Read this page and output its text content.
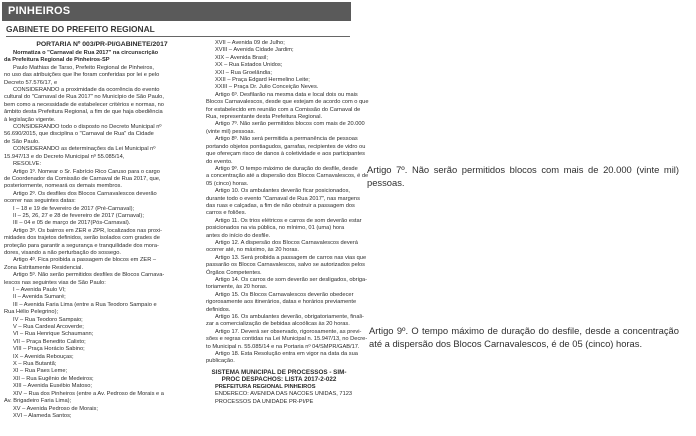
PINHEIROS
GABINETE DO PREFEITO REGIONAL

PORTARIA Nº 003/PR-PI/GABINETE/2017

Normatiza o "Carnaval de Rua 2017" na circunscrição

da Prefeitura Regional de Pinheiros-SP

Paulo Mathias de Tarso, Prefeito Regional de Pinheiros,

no uso das atribuições que lhe foram conferidas por lei e pelo

Decreto 57.576/17, e

CONSIDERANDO a proximidade da ocorrência do evento

cultural do "Carnaval de Rua 2017" no Município de São Paulo,

bem como a necessidade de estabelecer critérios e normas, no

âmbito desta Prefeitura Regional, a fim de que haja obediência

à legislação vigente.

CONSIDERANDO todo o disposto no Decreto Municipal nº

56.690/2015, que disciplina o "Carnaval de Rua" da Cidade

de São Paulo.

CONSIDERANDO as determinações da Lei Municipal nº

15.947/13 e do Decreto Municipal nº 55.085/14,

RESOLVE:

Artigo 1º. Nomear o Sr. Fabrício Rico Caruso para o cargo

de Coordenador da Comissão de Carnaval de Rua 2017, que,

posteriormente, nomeará os demais membros.

Artigo 2º. Os desfiles dos Blocos Carnavalescos deverão

ocorrer nas seguintes datas:

I – 18 e 19 de fevereiro de 2017 (Pré-Carnaval);

II – 25, 26, 27 e 28 de fevereiro de 2017 (Carnaval);

III – 04 e 05 de março de 2017(Pós-Carnaval).

Artigo 3º. Os bairros em ZER e ZPR, localizados nas proxi-

midades dos trajetos definidos, serão isolados com grades de

proteção para garantir a segurança e tranquilidade dos mora-

dores, visando a não perturbação do sossego.

Artigo 4º. Fica proibida a passagem de blocos em ZER –

Zona Estritamente Residencial.

Artigo 5º. Não serão permitidos desfiles de Blocos Carnava-

lescos nas seguintes vias de São Paulo:

I – Avenida Paulo VI;

II – Avenida Sumaré;

III – Avenida Faria Lima (entre a Rua Teodoro Sampaio e

Rua Hélio Pelegrino);

IV – Rua Teodoro Sampaio;

V – Rua Cardeal Arcoverde;

VI – Rua Henrique Schaumann;

VII – Praça Benedito Calixto;

VIII – Praça Horácio Sabino;

IX – Avenida Rebouças;

X – Rua Butantã;

XI – Rua Paes Leme;

XII – Rua Eugênio de Medeiros;

XIII – Avenida Eusébio Matoso;

XIV – Rua dos Pinheiros (entre a Av. Pedroso de Morais e a

Av. Brigadeiro Faria Lima);

XV – Avenida Pedroso de Morais;

XVI – Alameda Santos;

XVII – Avenida 09 de Julho;

XVIII – Avenida Cidade Jardim;

XIX – Avenida Brasil;

XX – Rua Estados Unidos;

XXI – Rua Groelândia;

XXII – Praça Edgard Hermelino Leite;

XXIII – Praça Dr. Julio Conceição Neves.

Artigo 6º. Desfilarão na mesma data e local dois ou mais

Blocos Carnavalescos, desde que estejam de acordo com o que

for estabelecido em reunião com a Comissão do Carnaval de

Rua, representante desta Prefeitura Regional.

Artigo 7º. Não serão permitidos blocos com mais de 20.000

(vinte mil) pessoas.

Artigo 8º. Não será permitida a permanência de pessoas

portando objetos pontiagudos, garrafas, recipientes de vidro ou

que ofereçam risco de danos à coletividade e aos participantes

do evento.

Artigo 9º. O tempo máximo de duração do desfile, desde

a concentração até a dispersão dos Blocos Carnavalescos, é de

05 (cinco) horas.

Artigo 10. Os ambulantes deverão ficar posicionados,

durante todo o evento "Carnaval de Rua 2017", nas margens

das ruas e calçadas, a fim de não obstruir a passagem dos

carros e foliões.

Artigo 11. Os trios elétricos e carros de som deverão estar

posicionados na via pública, no mínimo, 01 (uma) hora

antes do início do desfile.

Artigo 12. A dispersão dos Blocos Carnavalescos deverá

ocorrer até, no máximo, às 20 horas.

Artigo 13. Será proibida a passagem de carros nas vias que

passarão os Blocos Carnavalescos, salvo se autorizados pelos

Órgãos Competentes.

Artigo 14. Os carros de som deverão ser desligados, obriga-

toriamente, às 20 horas.

Artigo 15. Os Blocos Carnavalescos deverão obedecer

rigorosamente aos itinerários, datas e horários previamente

definidos.

Artigo 16. Os ambulantes deverão, obrigatoriamente, finali-

zar a comercialização de bebidas alcoólicas às 20 horas.

Artigo 17. Deverá ser observado, rigorosamente, as previ-

sões e regras contidas na Lei Municipal n. 15.947/13, no Decre-

to Municipal n. 55.085/14 e na Portaria nº 04/SMPR/GAB/17.

Artigo 18. Esta Resolução entra em vigor na data da sua

publicação.

SISTEMA MUNICIPAL DE PROCESSOS - SIM-

PROC DESPACHOS: LISTA 2017-2-022

PREFEITURA REGIONAL PINHEIROS

ENDERECO: AVENIDA DAS NACOES UNIDAS, 7123

PROCESSOS DA UNIDADE PR-PI/PE

Artigo 7º. Não serão permitidos blocos com mais de 20.000 (vinte mil) pessoas.

Artigo 9º. O tempo máximo de duração do desfile, desde a concentração até a dispersão dos Blocos Carnavalescos, é de 05 (cinco) horas.
